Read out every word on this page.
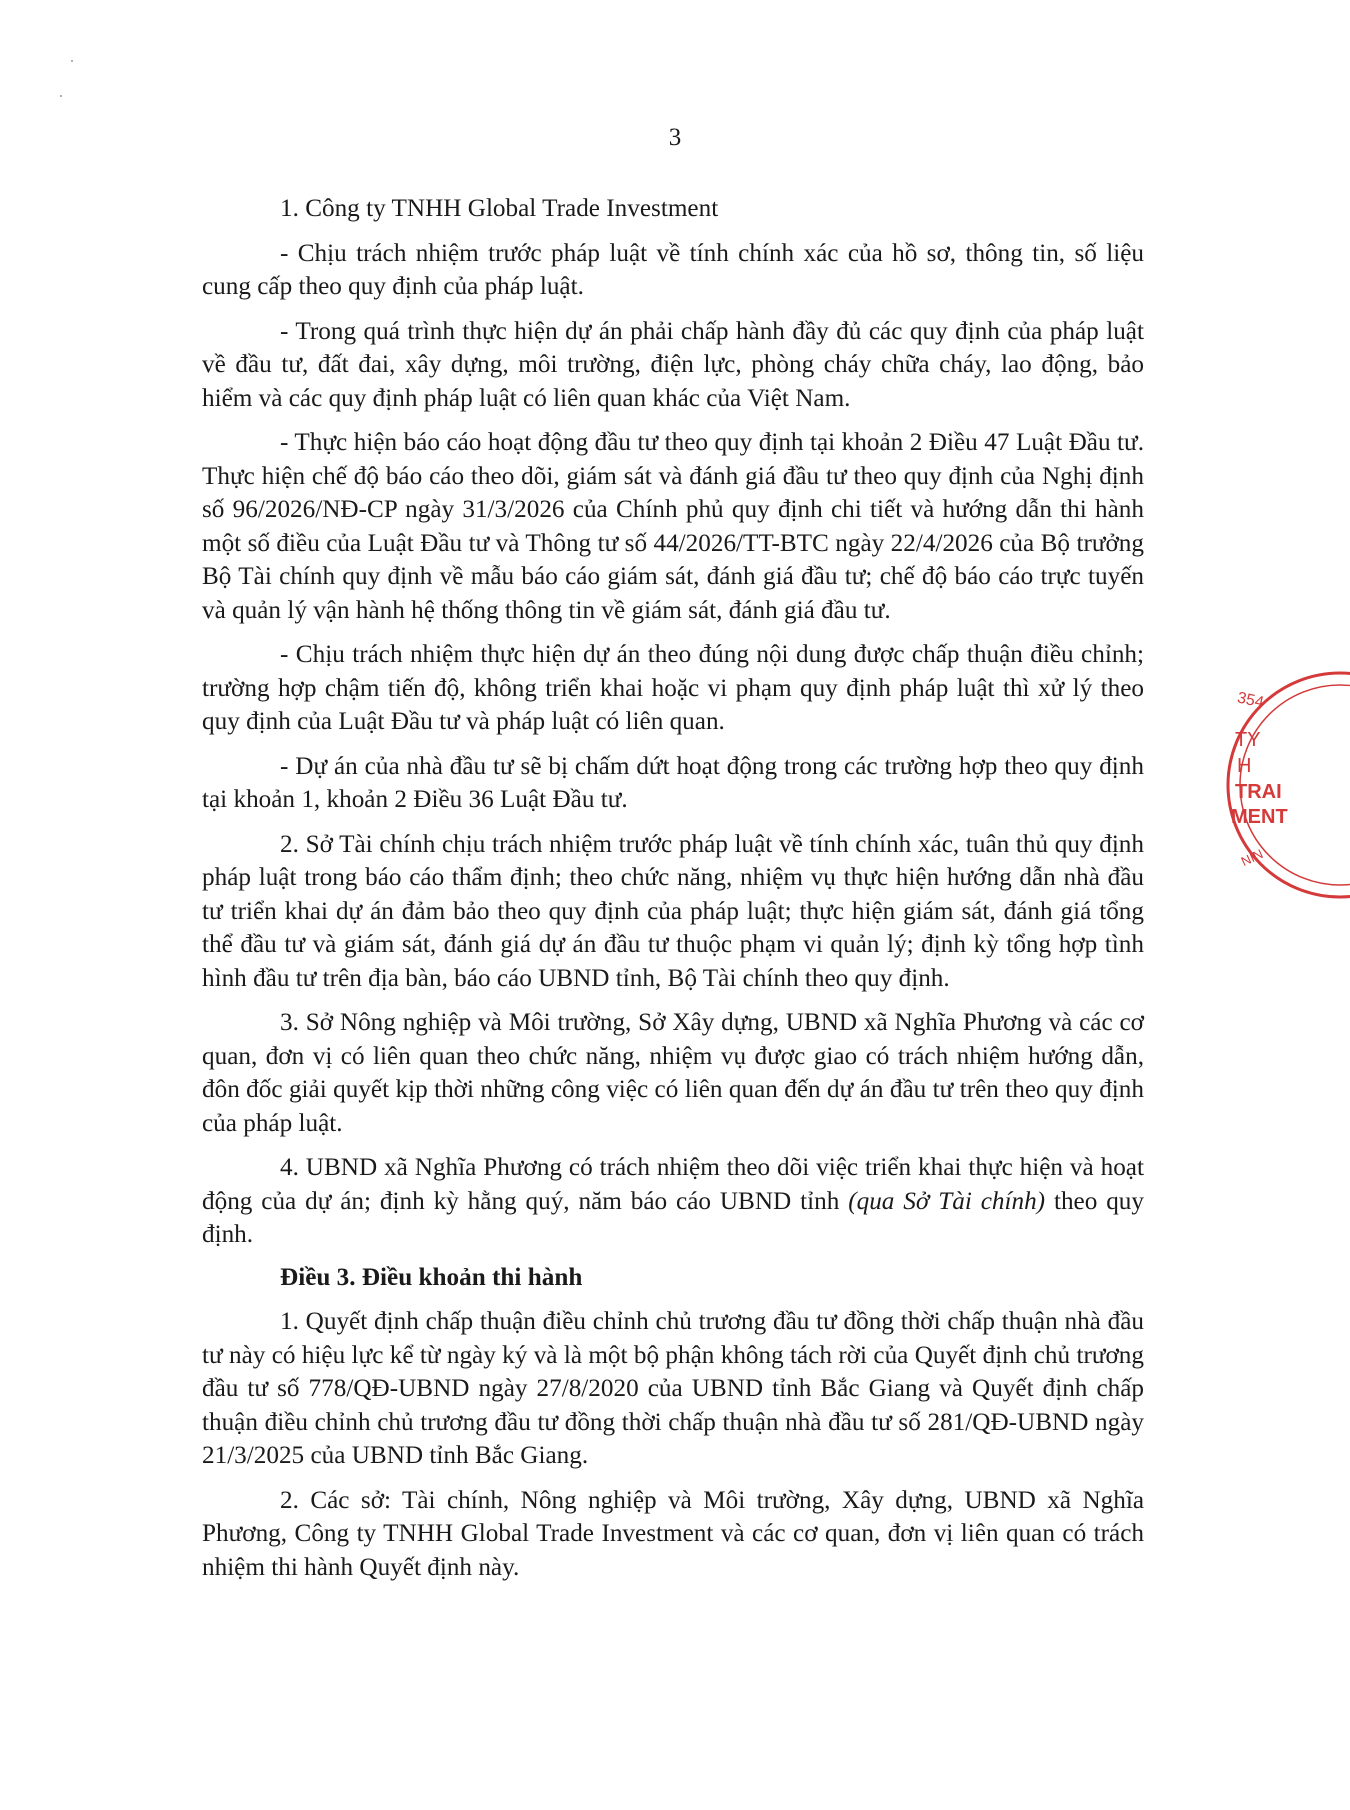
3

1. Công ty TNHH Global Trade Investment

- Chịu trách nhiệm trước pháp luật về tính chính xác của hồ sơ, thông tin, số liệu cung cấp theo quy định của pháp luật.

- Trong quá trình thực hiện dự án phải chấp hành đầy đủ các quy định của pháp luật về đầu tư, đất đai, xây dựng, môi trường, điện lực, phòng cháy chữa cháy, lao động, bảo hiểm và các quy định pháp luật có liên quan khác của Việt Nam.

- Thực hiện báo cáo hoạt động đầu tư theo quy định tại khoản 2 Điều 47 Luật Đầu tư. Thực hiện chế độ báo cáo theo dõi, giám sát và đánh giá đầu tư theo quy định của Nghị định số 96/2026/NĐ-CP ngày 31/3/2026 của Chính phủ quy định chi tiết và hướng dẫn thi hành một số điều của Luật Đầu tư và Thông tư số 44/2026/TT-BTC ngày 22/4/2026 của Bộ trưởng Bộ Tài chính quy định về mẫu báo cáo giám sát, đánh giá đầu tư; chế độ báo cáo trực tuyến và quản lý vận hành hệ thống thông tin về giám sát, đánh giá đầu tư.

- Chịu trách nhiệm thực hiện dự án theo đúng nội dung được chấp thuận điều chỉnh; trường hợp chậm tiến độ, không triển khai hoặc vi phạm quy định pháp luật thì xử lý theo quy định của Luật Đầu tư và pháp luật có liên quan.

- Dự án của nhà đầu tư sẽ bị chấm dứt hoạt động trong các trường hợp theo quy định tại khoản 1, khoản 2 Điều 36 Luật Đầu tư.

2. Sở Tài chính chịu trách nhiệm trước pháp luật về tính chính xác, tuân thủ quy định pháp luật trong báo cáo thẩm định; theo chức năng, nhiệm vụ thực hiện hướng dẫn nhà đầu tư triển khai dự án đảm bảo theo quy định của pháp luật; thực hiện giám sát, đánh giá tổng thể đầu tư và giám sát, đánh giá dự án đầu tư thuộc phạm vi quản lý; định kỳ tổng hợp tình hình đầu tư trên địa bàn, báo cáo UBND tỉnh, Bộ Tài chính theo quy định.

3. Sở Nông nghiệp và Môi trường, Sở Xây dựng, UBND xã Nghĩa Phương và các cơ quan, đơn vị có liên quan theo chức năng, nhiệm vụ được giao có trách nhiệm hướng dẫn, đôn đốc giải quyết kịp thời những công việc có liên quan đến dự án đầu tư trên theo quy định của pháp luật.

4. UBND xã Nghĩa Phương có trách nhiệm theo dõi việc triển khai thực hiện và hoạt động của dự án; định kỳ hằng quý, năm báo cáo UBND tỉnh (qua Sở Tài chính) theo quy định.

Điều 3. Điều khoản thi hành

1. Quyết định chấp thuận điều chỉnh chủ trương đầu tư đồng thời chấp thuận nhà đầu tư này có hiệu lực kể từ ngày ký và là một bộ phận không tách rời của Quyết định chủ trương đầu tư số 778/QĐ-UBND ngày 27/8/2020 của UBND tỉnh Bắc Giang và Quyết định chấp thuận điều chỉnh chủ trương đầu tư đồng thời chấp thuận nhà đầu tư số 281/QĐ-UBND ngày 21/3/2025 của UBND tỉnh Bắc Giang.

2. Các sở: Tài chính, Nông nghiệp và Môi trường, Xây dựng, UBND xã Nghĩa Phương, Công ty TNHH Global Trade Investment và các cơ quan, đơn vị liên quan có trách nhiệm thi hành Quyết định này.

354
TY
H
TRAI
MENT
NIN
